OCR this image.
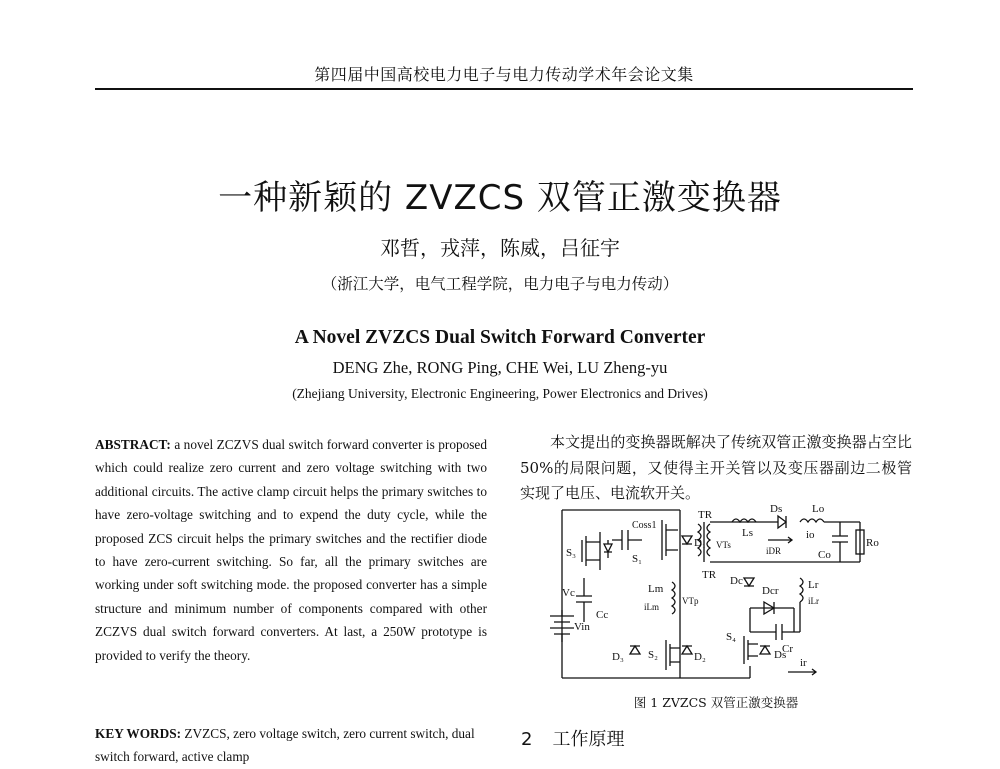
第四届中国高校电力电子与电力传动学术年会论文集
一种新颖的 ZVZCS 双管正激变换器
邓哲，戎萍，陈威，吕征宇
（浙江大学，电气工程学院，电力电子与电力传动）
A Novel ZVZCS Dual Switch Forward Converter
DENG Zhe, RONG Ping, CHE Wei, LU Zheng-yu
(Zhejiang University, Electronic Engineering, Power Electronics and Drives)
ABSTRACT: a novel ZCZVS dual switch forward converter is proposed which could realize zero current and zero voltage switching with two additional circuits. The active clamp circuit helps the primary switches to have zero-voltage switching and to expend the duty cycle, while the proposed ZCS circuit helps the primary switches and the rectifier diode to have zero-current switching. So far, all the primary switches are working under soft switching mode. the proposed converter has a simple structure and minimum number of components compared with other ZCZVS dual switch forward converters. At last, a 250W prototype is provided to verify the theory.
KEY WORDS: ZVZCS, zero voltage switch, zero current switch, dual switch forward, active clamp
本文提出的变换器既解决了传统双管正激变换器占空比 50%的局限问题，又使得主开关管以及变压器副边二极管实现了电压、电流软开关。
S₃
Coss1
S₁
D₁
TR
Ls
Ds	Lo
io
VTs
iDR	Co
Ro
TR Dc
Dcr	Lr
iLr
Cr
Vc
Cc
Lm
iLm
VTp
Vin
D₃ S₂	D₂
S₄
Ds
ir
图 1 ZVZCS 双管正激变换器
2 工作原理
